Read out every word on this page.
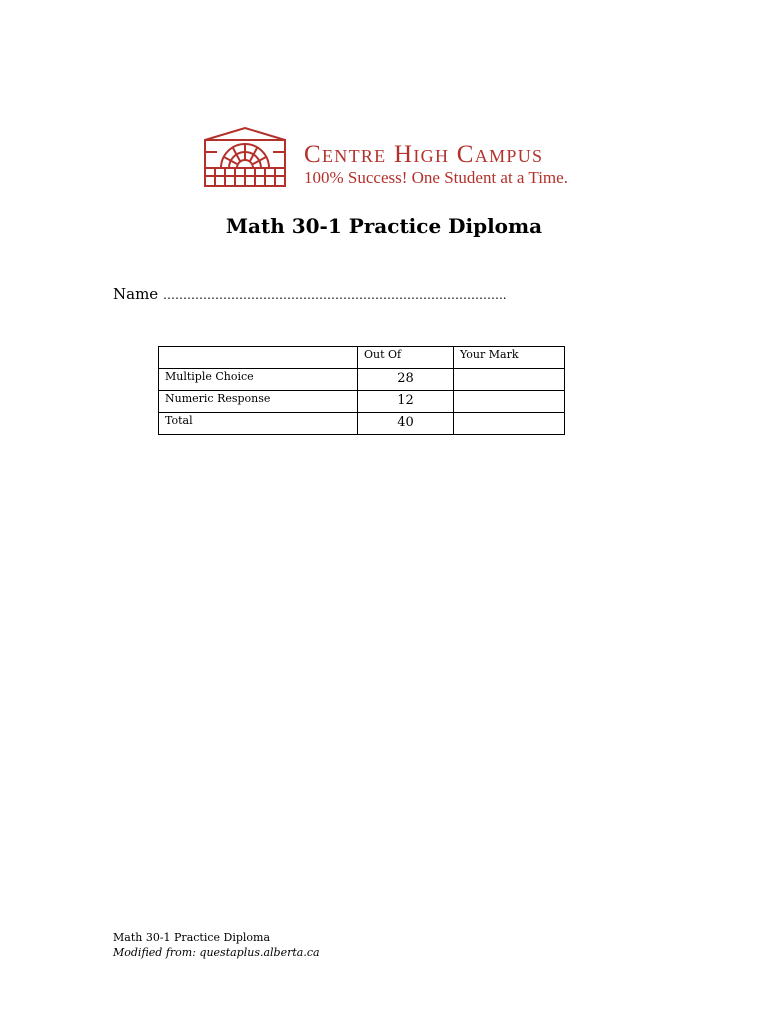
Centre High Campus
100% Success! One Student at a Time.
Math 30-1 Practice Diploma
Name …………………………………………………………………………..
	Out Of	Your Mark
Multiple Choice	28	
Numeric Response	12	
Total	40	
Math 30-1 Practice Diploma
Modified from: questaplus.alberta.ca
